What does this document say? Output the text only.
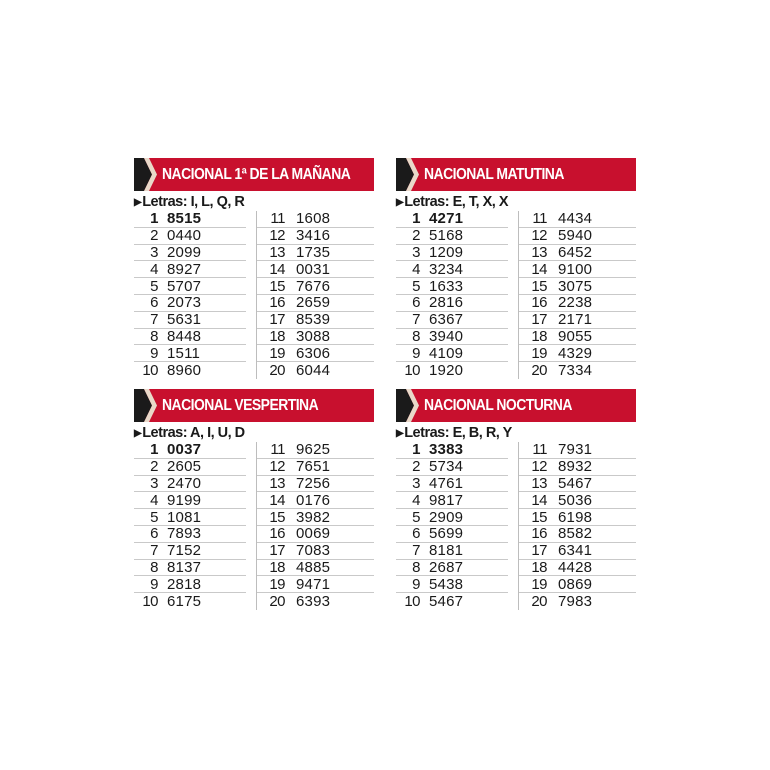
NACIONAL 1ª DE LA MAÑANA
▶ Letras: I, L, Q, R
1 8515
2 0440
3 2099
4 8927
5 5707
6 2073
7 5631
8 8448
9 1511
10 8960
11 1608
12 3416
13 1735
14 0031
15 7676
16 2659
17 8539
18 3088
19 6306
20 6044
NACIONAL MATUTINA
▶ Letras: E, T, X, X
1 4271
2 5168
3 1209
4 3234
5 1633
6 2816
7 6367
8 3940
9 4109
10 1920
11 4434
12 5940
13 6452
14 9100
15 3075
16 2238
17 2171
18 9055
19 4329
20 7334
NACIONAL VESPERTINA
▶ Letras: A, I, U, D
1 0037
2 2605
3 2470
4 9199
5 1081
6 7893
7 7152
8 8137
9 2818
10 6175
11 9625
12 7651
13 7256
14 0176
15 3982
16 0069
17 7083
18 4885
19 9471
20 6393
NACIONAL NOCTURNA
▶ Letras: E, B, R, Y
1 3383
2 5734
3 4761
4 9817
5 2909
6 5699
7 8181
8 2687
9 5438
10 5467
11 7931
12 8932
13 5467
14 5036
15 6198
16 8582
17 6341
18 4428
19 0869
20 7983
